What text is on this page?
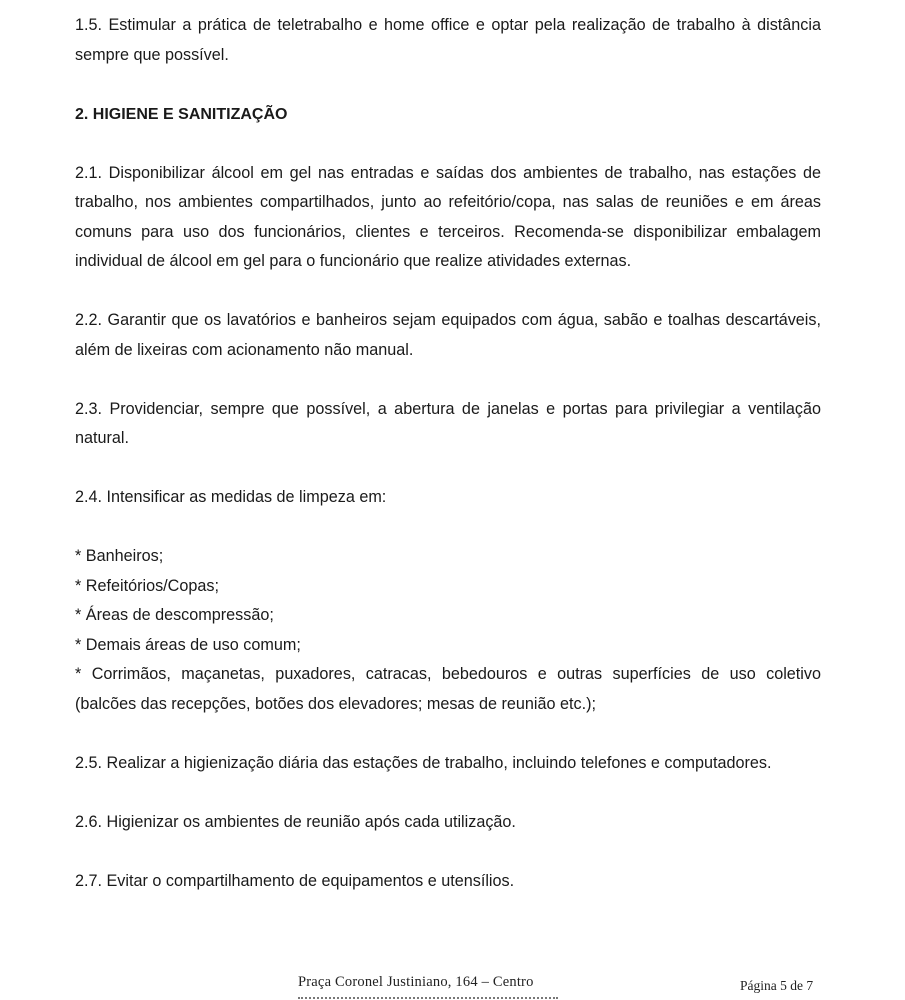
1.5. Estimular a prática de teletrabalho e home office e optar pela realização de trabalho à distância sempre que possível.

2. HIGIENE E SANITIZAÇÃO

2.1. Disponibilizar álcool em gel nas entradas e saídas dos ambientes de trabalho, nas estações de trabalho, nos ambientes compartilhados, junto ao refeitório/copa, nas salas de reuniões e em áreas comuns para uso dos funcionários, clientes e terceiros. Recomenda-se disponibilizar embalagem individual de álcool em gel para o funcionário que realize atividades externas.

2.2. Garantir que os lavatórios e banheiros sejam equipados com água, sabão e toalhas descartáveis, além de lixeiras com acionamento não manual.

2.3. Providenciar, sempre que possível, a abertura de janelas e portas para privilegiar a ventilação natural.

2.4. Intensificar as medidas de limpeza em:

* Banheiros;
* Refeitórios/Copas;
* Áreas de descompressão;
* Demais áreas de uso comum;
* Corrimãos, maçanetas, puxadores, catracas, bebedouros e outras superfícies de uso coletivo (balcões das recepções, botões dos elevadores; mesas de reunião etc.);

2.5. Realizar a higienização diária das estações de trabalho, incluindo telefones e computadores.

2.6. Higienizar os ambientes de reunião após cada utilização.

2.7. Evitar o compartilhamento de equipamentos e utensílios.

Praça Coronel Justiniano, 164 – Centro	Página 5 de 7
